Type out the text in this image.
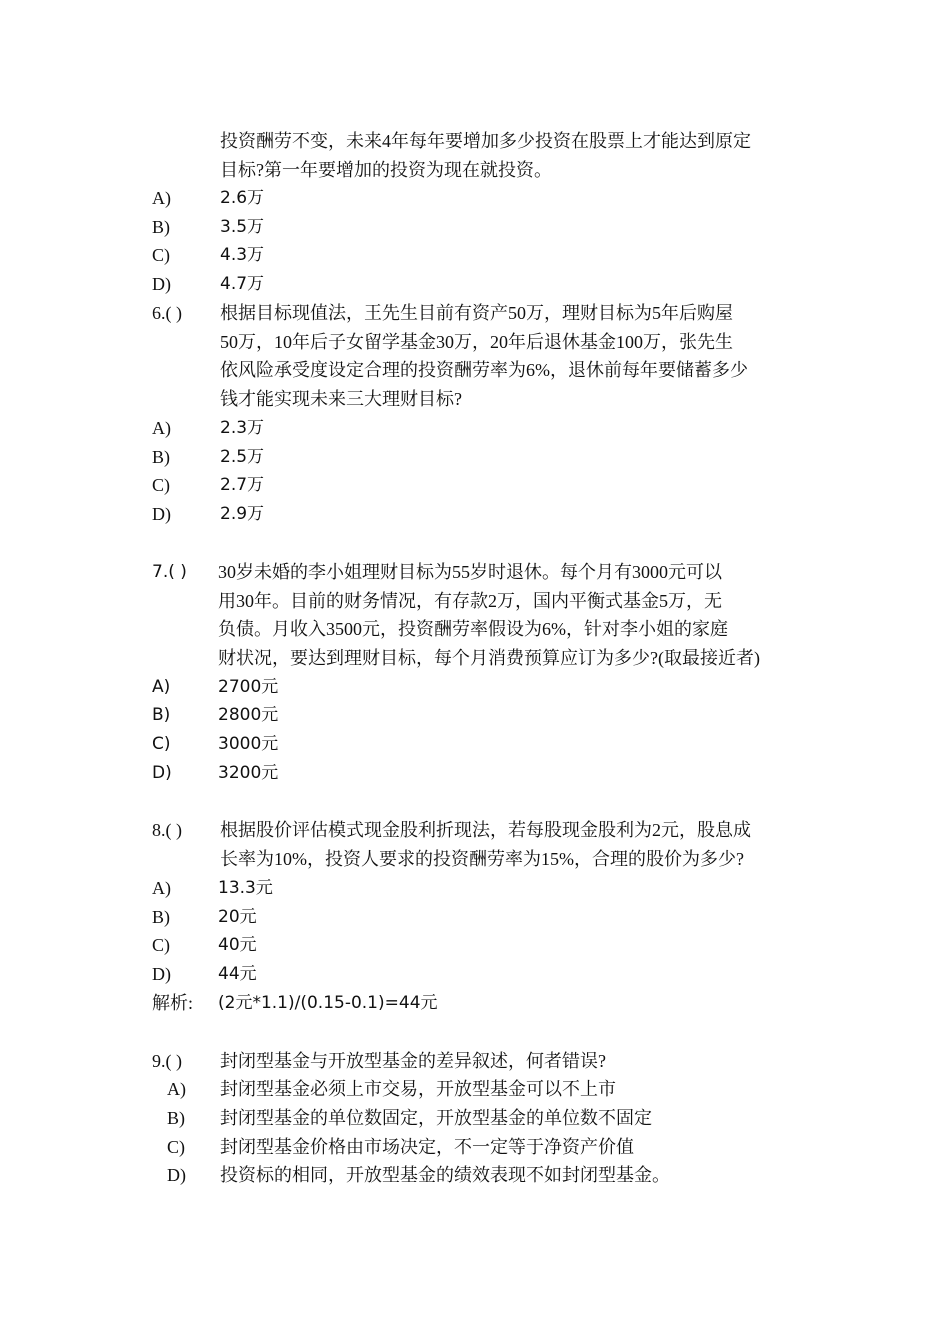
投资酬劳不变，未来4年每年要增加多少投资在股票上才能达到原定
目标?第一年要增加的投资为现在就投资。
A)	2.6万
B)	3.5万
C)	4.3万
D)	4.7万
6.( ) 根据目标现值法，王先生目前有资产50万，理财目标为5年后购屋
50万，10年后子女留学基金30万，20年后退休基金100万，张先生
依风险承受度设定合理的投资酬劳率为6%，退休前每年要储蓄多少
钱才能实现未来三大理财目标?
A)	2.3万
B)	2.5万
C)	2.7万
D)	2.9万
7.( ) 30岁未婚的李小姐理财目标为55岁时退休。每个月有3000元可以
用30年。目前的财务情况，有存款2万，国内平衡式基金5万，无
负债。月收入3500元，投资酬劳率假设为6%，针对李小姐的家庭
财状况，要达到理财目标，每个月消费预算应订为多少?(取最接近者)
A)	2700元
B)	2800元
C)	3000元
D)	3200元
8.( ) 根据股价评估模式现金股利折现法，若每股现金股利为2元，股息成
长率为10%，投资人要求的投资酬劳率为15%，合理的股价为多少?
A)	13.3元
B)	20元
C)	40元
D)	44元
解析: (2元*1.1)/(0.15-0.1)=44元
9.( ) 封闭型基金与开放型基金的差异叙述，何者错误?
A) 封闭型基金必须上市交易，开放型基金可以不上市
B) 封闭型基金的单位数固定，开放型基金的单位数不固定
C) 封闭型基金价格由市场决定，不一定等于净资产价值
D) 投资标的相同，开放型基金的绩效表现不如封闭型基金。
